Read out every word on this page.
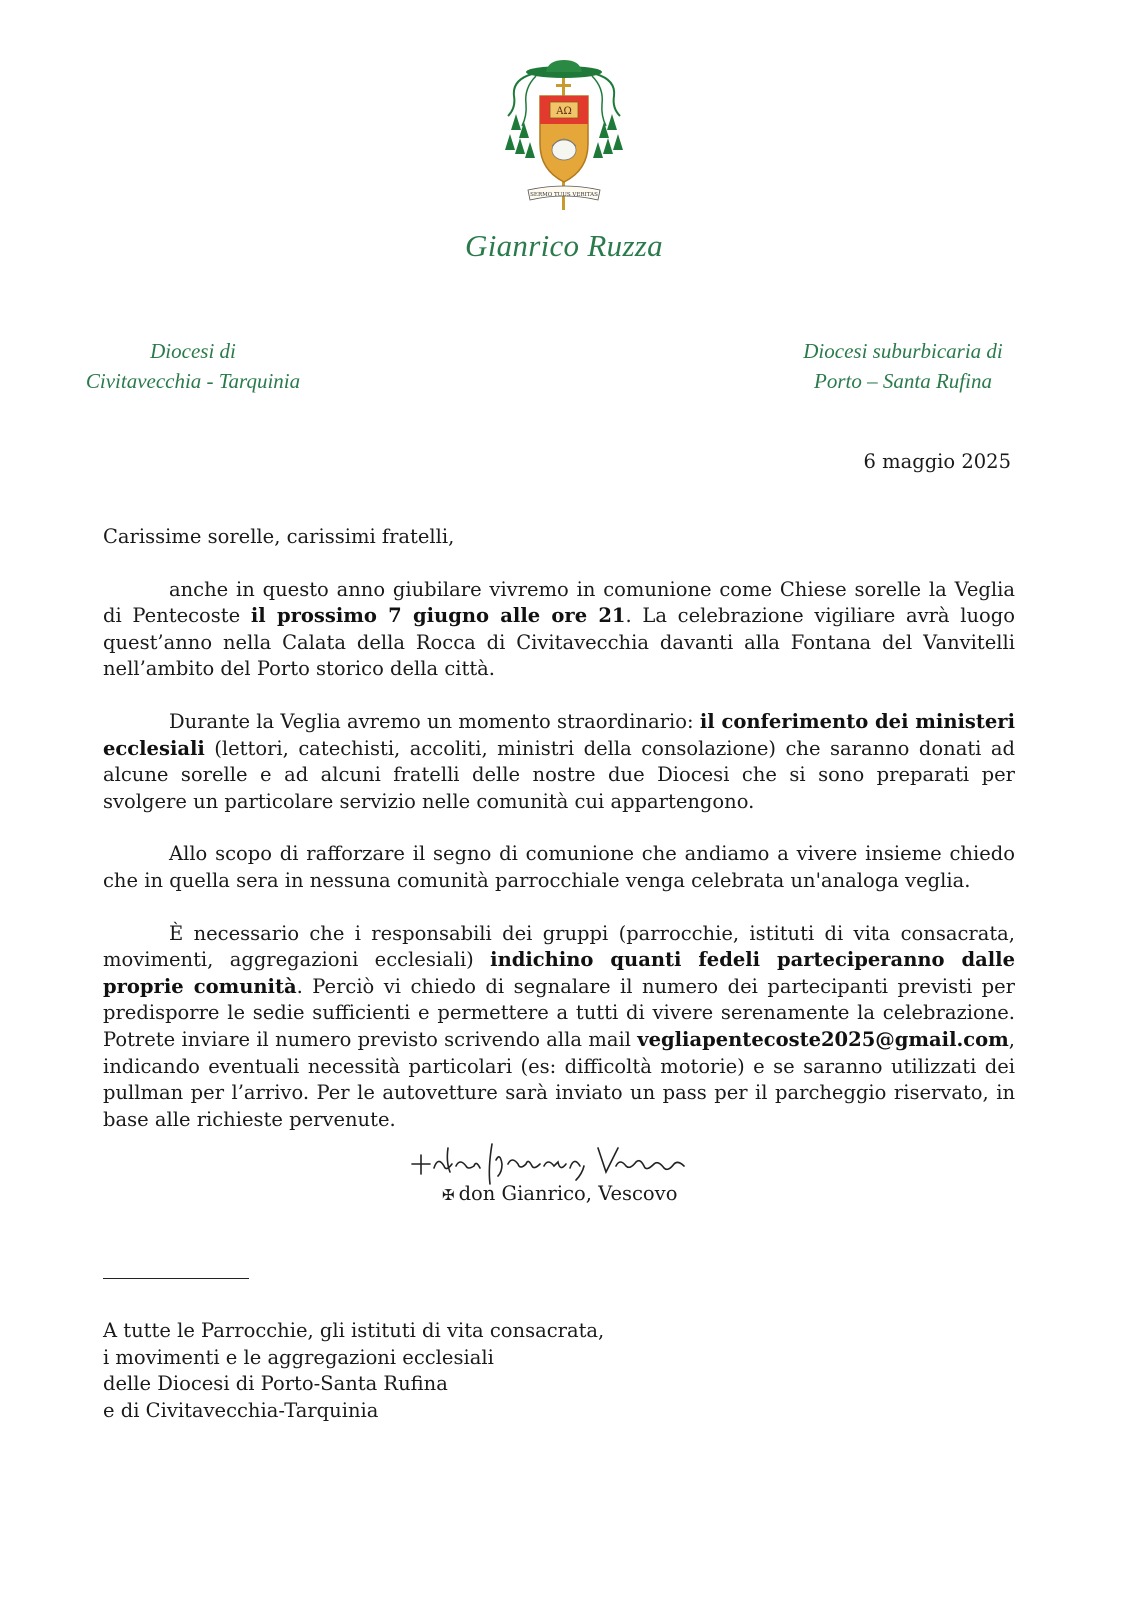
AΩ
SERMO TUUS VERITAS
Gianrico Ruzza
Diocesi di
Civitavecchia - Tarquinia
Diocesi suburbicaria di
Porto – Santa Rufina
6 maggio 2025

Carissime sorelle, carissimi fratelli,

anche in questo anno giubilare vivremo in comunione come Chiese sorelle la Veglia di Pentecoste il prossimo 7 giugno alle ore 21. La celebrazione vigiliare avrà luogo quest’anno nella Calata della Rocca di Civitavecchia davanti alla Fontana del Vanvitelli nell’ambito del Porto storico della città.

Durante la Veglia avremo un momento straordinario: il conferimento dei ministeri ecclesiali (lettori, catechisti, accoliti, ministri della consolazione) che saranno donati ad alcune sorelle e ad alcuni fratelli delle nostre due Diocesi che si sono preparati per svolgere un particolare servizio nelle comunità cui appartengono.

Allo scopo di rafforzare il segno di comunione che andiamo a vivere insieme chiedo che in quella sera in nessuna comunità parrocchiale venga celebrata un'analoga veglia.

È necessario che i responsabili dei gruppi (parrocchie, istituti di vita consacrata, movimenti, aggregazioni ecclesiali) indichino quanti fedeli parteciperanno dalle proprie comunità. Perciò vi chiedo di segnalare il numero dei partecipanti previsti per predisporre le sedie sufficienti e permettere a tutti di vivere serenamente la celebrazione. Potrete inviare il numero previsto scrivendo alla mail vegliapentecoste2025@gmail.com, indicando eventuali necessità particolari (es: difficoltà motorie) e se saranno utilizzati dei pullman per l’arrivo. Per le autovetture sarà inviato un pass per il parcheggio riservato, in base alle richieste pervenute.

✠ don Gianrico, Vescovo
A tutte le Parrocchie, gli istituti di vita consacrata,
i movimenti e le aggregazioni ecclesiali
delle Diocesi di Porto-Santa Rufina
e di Civitavecchia-Tarquinia
